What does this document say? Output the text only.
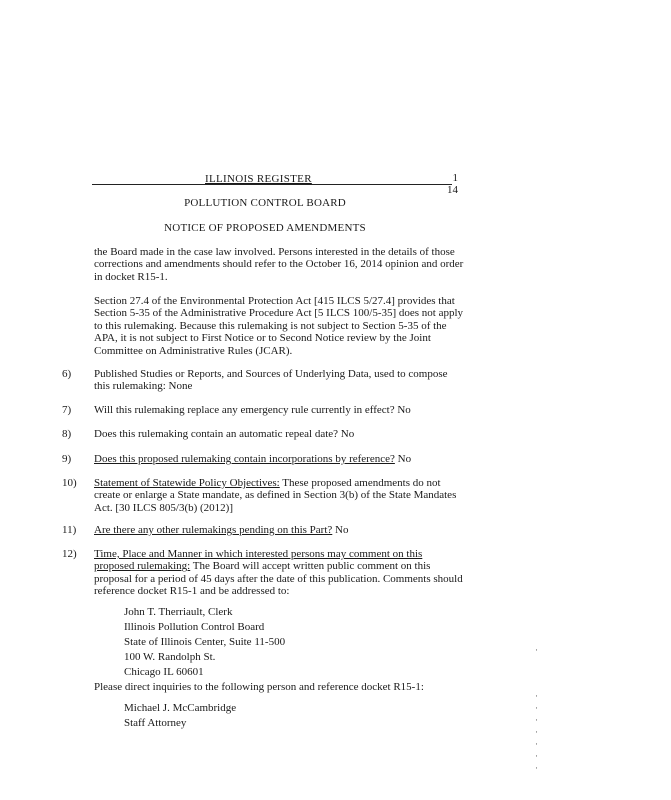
ILLINOIS REGISTER	1
14
POLLUTION CONTROL BOARD
NOTICE OF PROPOSED AMENDMENTS
the Board made in the case law involved. Persons interested in the details of those corrections and amendments should refer to the October 16, 2014 opinion and order in docket R15-1.
Section 27.4 of the Environmental Protection Act [415 ILCS 5/27.4] provides that Section 5-35 of the Administrative Procedure Act [5 ILCS 100/5-35] does not apply to this rulemaking. Because this rulemaking is not subject to Section 5-35 of the APA, it is not subject to First Notice or to Second Notice review by the Joint Committee on Administrative Rules (JCAR).
6) Published Studies or Reports, and Sources of Underlying Data, used to compose this rulemaking: None
7) Will this rulemaking replace any emergency rule currently in effect? No
8) Does this rulemaking contain an automatic repeal date? No
9) Does this proposed rulemaking contain incorporations by reference? No
10) Statement of Statewide Policy Objectives: These proposed amendments do not create or enlarge a State mandate, as defined in Section 3(b) of the State Mandates Act. [30 ILCS 805/3(b) (2012)]
11) Are there any other rulemakings pending on this Part? No
12) Time, Place and Manner in which interested persons may comment on this proposed rulemaking: The Board will accept written public comment on this proposal for a period of 45 days after the date of this publication. Comments should reference docket R15-1 and be addressed to:
John T. Therriault, Clerk
Illinois Pollution Control Board
State of Illinois Center, Suite 11-500
100 W. Randolph St.
Chicago IL 60601
Please direct inquiries to the following person and reference docket R15-1:
Michael J. McCambridge
Staff Attorney
·
·
·
·
·
·
·
·
